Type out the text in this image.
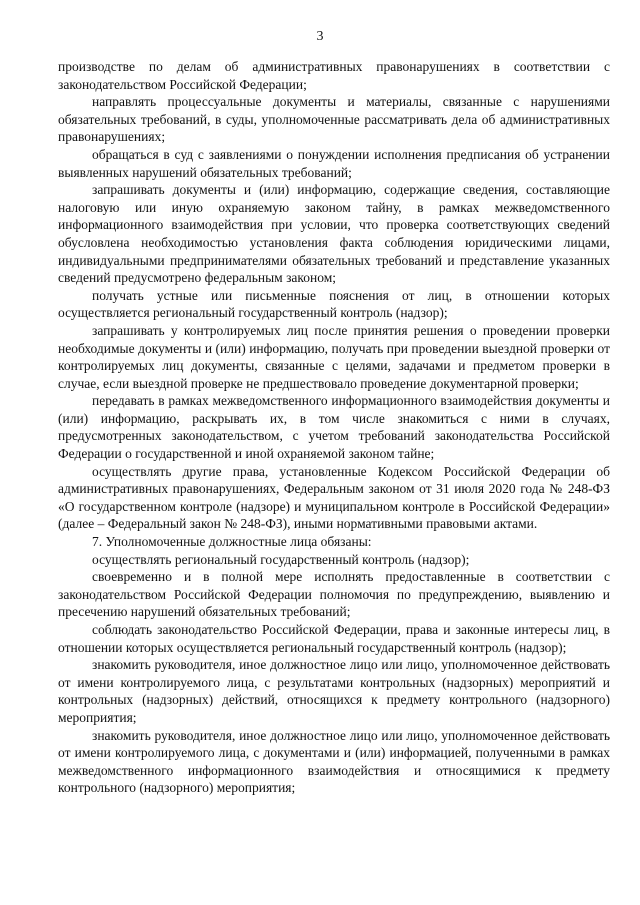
3

производстве по делам об административных правонарушениях в соответствии с законодательством Российской Федерации;

направлять процессуальные документы и материалы, связанные с нарушениями обязательных требований, в суды, уполномоченные рассматривать дела об административных правонарушениях;

обращаться в суд с заявлениями о понуждении исполнения предписания об устранении выявленных нарушений обязательных требований;

запрашивать документы и (или) информацию, содержащие сведения, составляющие налоговую или иную охраняемую законом тайну, в рамках межведомственного информационного взаимодействия при условии, что проверка соответствующих сведений обусловлена необходимостью установления факта соблюдения юридическими лицами, индивидуальными предпринимателями обязательных требований и представление указанных сведений предусмотрено федеральным законом;

получать устные или письменные пояснения от лиц, в отношении которых осуществляется региональный государственный контроль (надзор);

запрашивать у контролируемых лиц после принятия решения о проведении проверки необходимые документы и (или) информацию, получать при проведении выездной проверки от контролируемых лиц документы, связанные с целями, задачами и предметом проверки в случае, если выездной проверке не предшествовало проведение документарной проверки;

передавать в рамках межведомственного информационного взаимодействия документы и (или) информацию, раскрывать их, в том числе знакомиться с ними в случаях, предусмотренных законодательством, с учетом требований законодательства Российской Федерации о государственной и иной охраняемой законом тайне;

осуществлять другие права, установленные Кодексом Российской Федерации об административных правонарушениях, Федеральным законом от 31 июля 2020 года № 248-ФЗ «О государственном контроле (надзоре) и муниципальном контроле в Российской Федерации» (далее – Федеральный закон № 248-ФЗ), иными нормативными правовыми актами.

7. Уполномоченные должностные лица обязаны:

осуществлять региональный государственный контроль (надзор);

своевременно и в полной мере исполнять предоставленные в соответствии с законодательством Российской Федерации полномочия по предупреждению, выявлению и пресечению нарушений обязательных требований;

соблюдать законодательство Российской Федерации, права и законные интересы лиц, в отношении которых осуществляется региональный государственный контроль (надзор);

знакомить руководителя, иное должностное лицо или лицо, уполномоченное действовать от имени контролируемого лица, с результатами контрольных (надзорных) мероприятий и контрольных (надзорных) действий, относящихся к предмету контрольного (надзорного) мероприятия;

знакомить руководителя, иное должностное лицо или лицо, уполномоченное действовать от имени контролируемого лица, с документами и (или) информацией, полученными в рамках межведомственного информационного взаимодействия и относящимися к предмету контрольного (надзорного) мероприятия;
